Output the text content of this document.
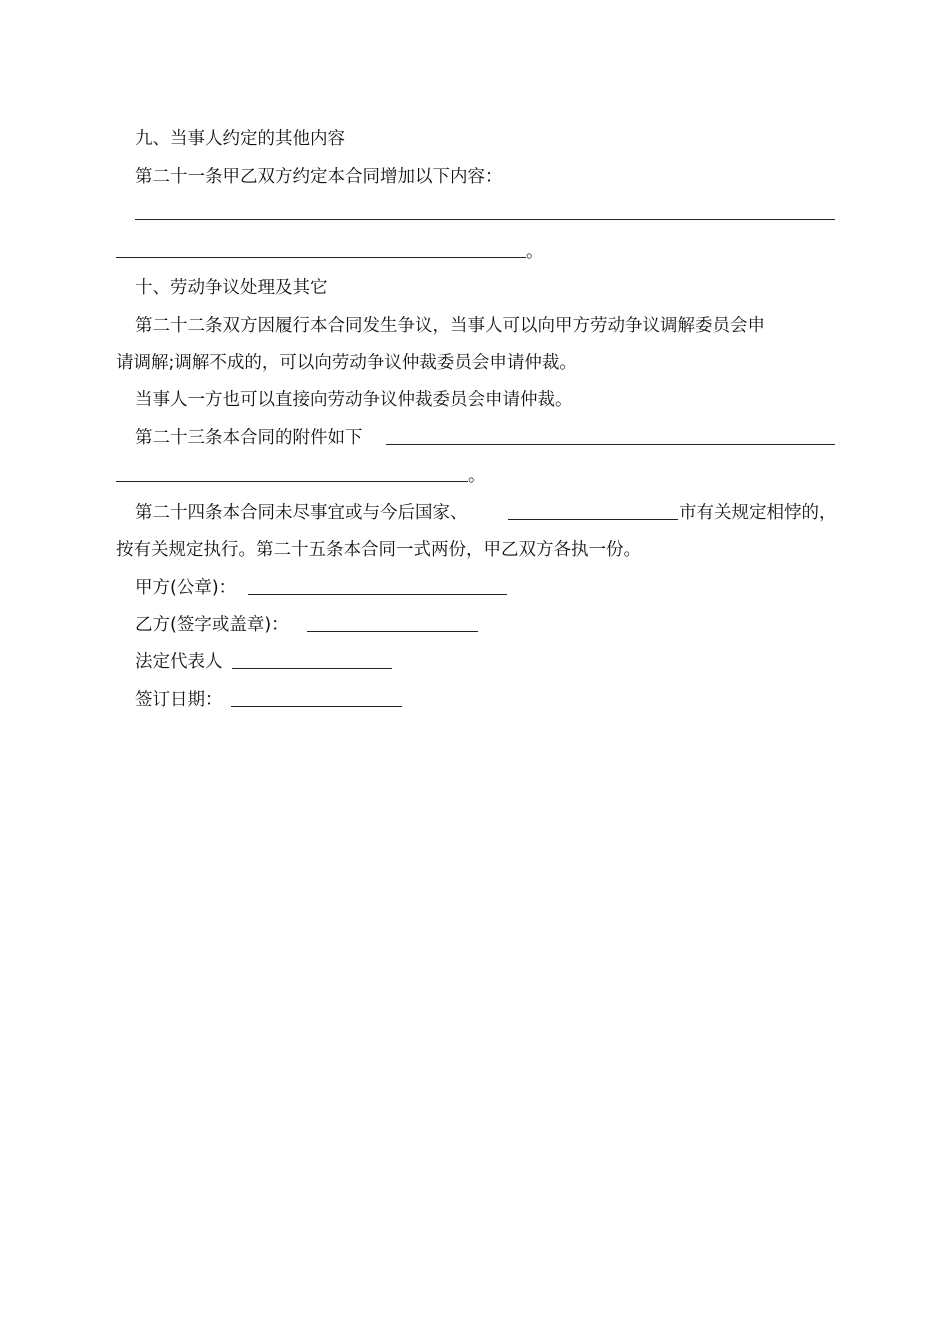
九、当事人约定的其他内容
第二十一条甲乙双方约定本合同增加以下内容：
。
十、劳动争议处理及其它
第二十二条双方因履行本合同发生争议，当事人可以向甲方劳动争议调解委员会申
请调解;调解不成的，可以向劳动争议仲裁委员会申请仲裁。
当事人一方也可以直接向劳动争议仲裁委员会申请仲裁。
第二十三条本合同的附件如下
。
第二十四条本合同未尽事宜或与今后国家、	市有关规定相悖的，
按有关规定执行。第二十五条本合同一式两份，甲乙双方各执一份。
甲方(公章)：
乙方(签字或盖章)：
法定代表人
签订日期：
